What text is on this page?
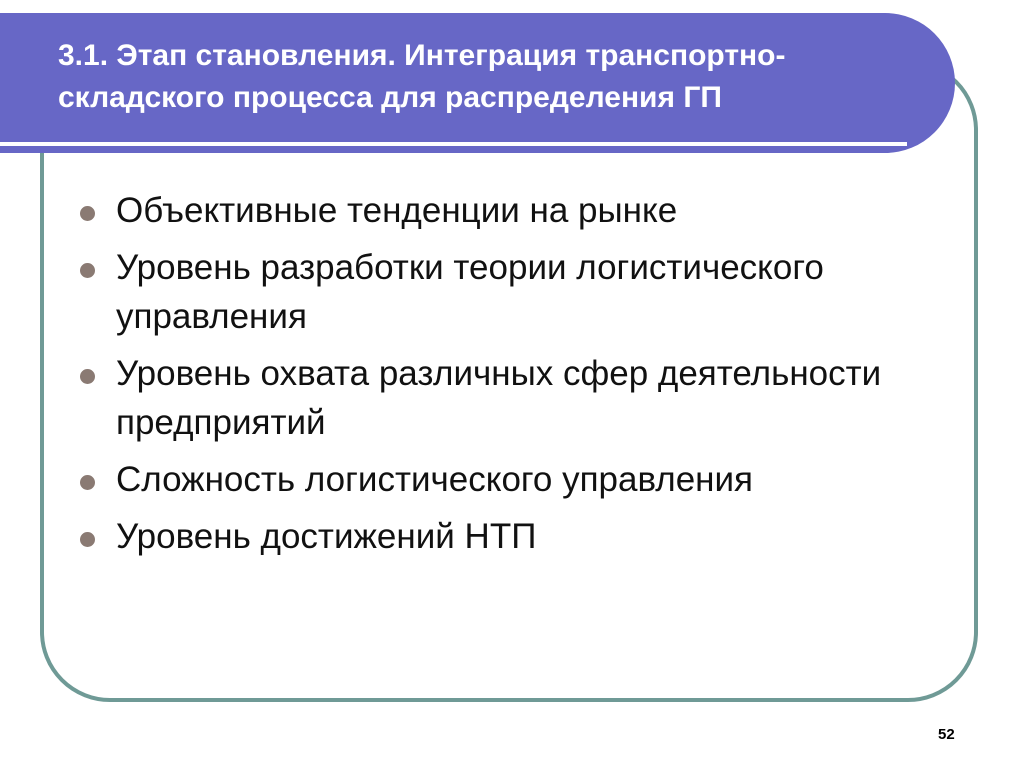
3.1. Этап становления. Интеграция транспортно-складского процесса для распределения ГП
Объективные тенденции на рынке
Уровень разработки теории логистического управления
Уровень охвата различных сфер деятельности предприятий
Сложность логистического управления
Уровень достижений НТП
52
